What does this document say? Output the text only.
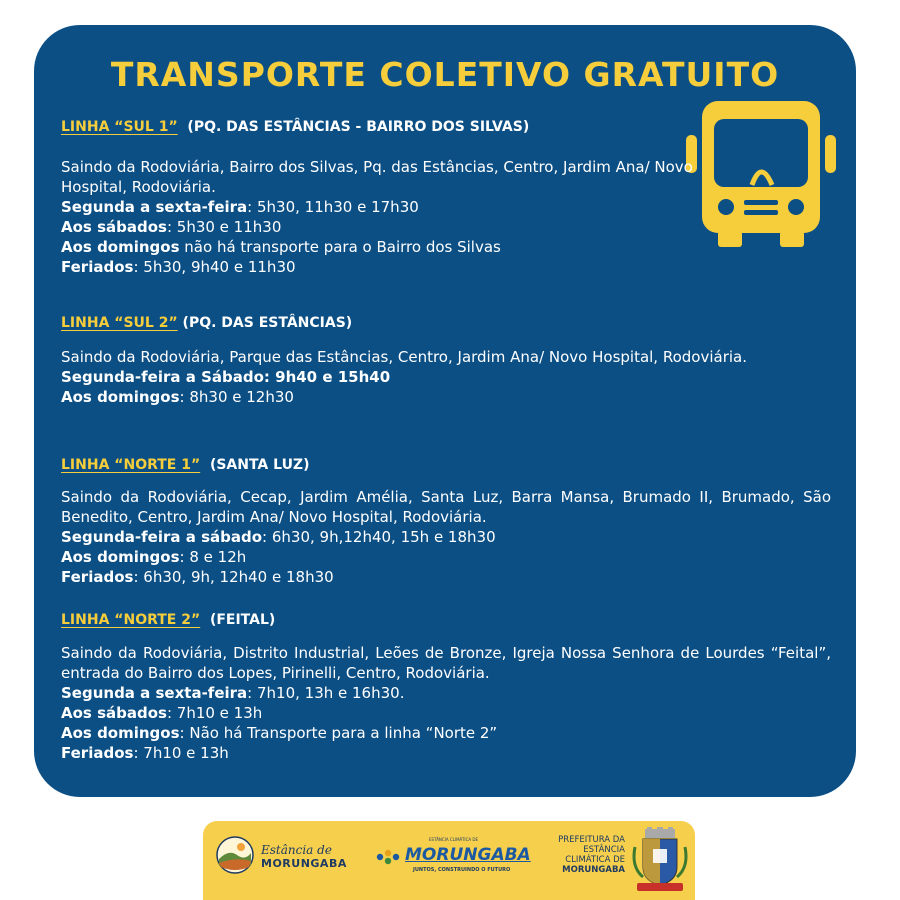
TRANSPORTE COLETIVO GRATUITO
LINHA “SUL 1” (PQ. DAS ESTÂNCIAS - BAIRRO DOS SILVAS)

Saindo da Rodoviária, Bairro dos Silvas, Pq. das Estâncias, Centro, Jardim Ana/ Novo Hospital, Rodoviária.

Segunda a sexta-feira: 5h30, 11h30 e 17h30

Aos sábados: 5h30 e 11h30

Aos domingos não há transporte para o Bairro dos Silvas

Feriados: 5h30, 9h40 e 11h30

LINHA “SUL 2” (PQ. DAS ESTÂNCIAS)

Saindo da Rodoviária, Parque das Estâncias, Centro, Jardim Ana/ Novo Hospital, Rodoviária.

Segunda-feira a Sábado: 9h40 e 15h40

Aos domingos: 8h30 e 12h30

LINHA “NORTE 1” (SANTA LUZ)

Saindo da Rodoviária, Cecap, Jardim Amélia, Santa Luz, Barra Mansa, Brumado II, Brumado, São Benedito, Centro, Jardim Ana/ Novo Hospital, Rodoviária.

Segunda-feira a sábado: 6h30, 9h,12h40, 15h e 18h30

Aos domingos: 8 e 12h

Feriados: 6h30, 9h, 12h40 e 18h30

LINHA “NORTE 2” (FEITAL)

Saindo da Rodoviária, Distrito Industrial, Leões de Bronze, Igreja Nossa Senhora de Lourdes “Feital”, entrada do Bairro dos Lopes, Pirinelli, Centro, Rodoviária.

Segunda a sexta-feira: 7h10, 13h e 16h30.

Aos sábados: 7h10 e 13h

Aos domingos: Não há Transporte para a linha “Norte 2”

Feriados: 7h10 e 13h

Estância de
MORUNGABA
ESTÂNCIA CLIMÁTICA DE
MORUNGABA
JUNTOS, CONSTRUINDO O FUTURO
PREFEITURA DA
ESTÂNCIA
CLIMÁTICA DE
MORUNGABA
